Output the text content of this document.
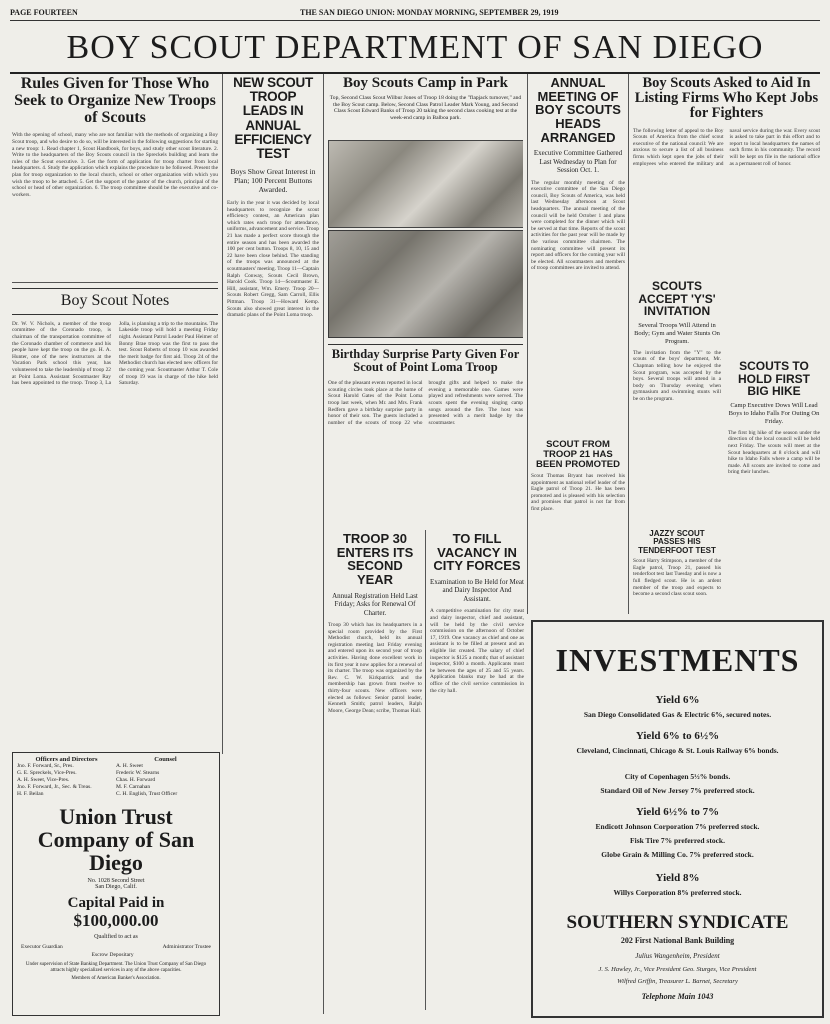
PAGE FOURTEEN	THE SAN DIEGO UNION: MONDAY MORNING, SEPTEMBER 29, 1919
BOY SCOUT DEPARTMENT OF SAN DIEGO
Rules Given for Those Who Seek to Organize New Troops of Scouts
With the opening of school, many who are not familiar with the methods of organizing a Boy Scout troop, and who desire to do so, will be interested in the following suggestions for starting a new troop: 1. Read chapter 1, Scout Handbook, for boys, and study other scout literature. 2. Write to the headquarters of the Boy Scouts council in the Spreckels building and learn the rules of the Scout executive. 3. Get the form of application for troop charter from local headquarters. 4. Study the application which explains the procedure to be followed. Present the plan for troop organization to the local church, school or other organization with which you wish the troop to be attached. 5. Get the support of the pastor of the church, principal of the school or head of other organization. 6. The troop committee should be the executive and co-workers.
Boy Scout Notes
Dr. W. V. Nichols, a member of the troop committee of the Coronado troop, is chairman of the transportation committee of the Coronado chamber of commerce and his people have kept the troop on the go. H. A. Hunter, one of the new instructors at the Vacation Park school this year, has volunteered to take the leadership of troop 22 at Point Loma. Assistant Scoutmaster Ray has been appointed to the troop. Troop 3, La Jolla, is planning a trip to the mountains. The Lakeside troop will hold a meeting Friday night. Assistant Patrol Leader Paul Heimer of Bonny Brae troop was the first to pass the test. Scout Roberts of troop 10 was awarded the merit badge for first aid. Troop 24 of the Methodist church has elected new officers for the coming year. Scoutmaster Arthur T. Cole of troop 19 was in charge of the hike held Saturday.
Officers and Directors
Jno. F. Forward, Sr., Pres.
G. E. Spreckels, Vice-Pres.
A. H. Sweet, Vice-Pres.
Jno. F. Forward, Jr., Sec. & Treas.
H. F. Beilan
Counsel
A. H. Sweet
Frederic W. Stearns
Chas. H. Forward
M. F. Carnahan
C. H. English, Trust Officer
Union Trust Company of San Diego
No. 1028 Second Street
San Diego, Calif.
Capital Paid in
$100,000.00
Qualified to act as
Executor Guardian
Escrow Depositary
Administrator Trustee
Under supervision of State Banking Department. The Union Trust Company of San Diego attracts highly specialized services in any of the above capacities.
Members of American Banker's Association.
NEW SCOUT TROOP LEADS IN ANNUAL EFFICIENCY TEST
Boys Show Great Interest in Plan; 100 Percent Buttons Awarded.
Early in the year it was decided by local headquarters to recognize the scout efficiency contest, an American plan which rates each troop for attendance, uniforms, advancement and service. Troop 21 has made a perfect score through the entire season and has been awarded the 100 per cent button. Troops 8, 10, 15 and 22 have been close behind. The standing of the troops was announced at the scoutmasters' meeting. Troop 11—Captain Ralph Conway, Scouts Cecil Brown, Harold Cook. Troop 14—Scoutmaster E. Hill, assistant, Wm. Emery. Troop 20—Scouts Robert Gregg, Sam Carroll, Ellis Pittman. Troop 31—Howard Kemp. Scouts also showed great interest in the dramatic plans of the Point Loma troop.
Boy Scouts Camp in Park
Top, Second Class Scout Wilbur Jones of Troop 18 doing the "flapjack turnover," and the Boy Scout camp. Below, Second Class Patrol Leader Mark Young, and Second Class Scout Edward Banks of Troop 20 taking the second class cooking test at the week-end camp in Balboa park.
Birthday Surprise Party Given For Scout of Point Loma Troop
One of the pleasant events reported in local scouting circles took place at the home of Scout Harold Gates of the Point Loma troop last week, when Mr. and Mrs. Frank Redfern gave a birthday surprise party in honor of their son. The guests included a number of the scouts of troop 22 who brought gifts and helped to make the evening a memorable one. Games were played and refreshments were served. The scouts spent the evening singing camp songs around the fire. The host was presented with a merit badge by the scoutmaster.
TROOP 30 ENTERS ITS SECOND YEAR
Annual Registration Held Last Friday; Asks for Renewal Of Charter.
Troop 30 which has its headquarters in a special room provided by the First Methodist church, held its annual registration meeting last Friday evening and entered upon its second year of troop activities. Having done excellent work in its first year it now applies for a renewal of its charter. The troop was organized by the Rev. C. W. Kirkpatrick and the membership has grown from twelve to thirty-four scouts. New officers were elected as follows: Senior patrol leader, Kenneth Smith; patrol leaders, Ralph Moore, George Dean; scribe, Thomas Hall.
TO FILL VACANCY IN CITY FORCES
Examination to Be Held for Meat and Dairy Inspector And Assistant.
A competitive examination for city meat and dairy inspector, chief and assistant, will be held by the civil service commission on the afternoon of October 17, 1919. One vacancy as chief and one as assistant is to be filled at present and an eligible list created. The salary of chief inspector is $125 a month; that of assistant inspector, $100 a month. Applicants must be between the ages of 25 and 55 years. Application blanks may be had at the office of the civil service commission in the city hall.
ANNUAL MEETING OF BOY SCOUTS HEADS ARRANGED
Executive Committee Gathered Last Wednesday to Plan for Session Oct. 1.
The regular monthly meeting of the executive committee of the San Diego council, Boy Scouts of America, was held last Wednesday afternoon at Scout headquarters. The annual meeting of the council will be held October 1 and plans were completed for the dinner which will be served at that time. Reports of the scout activities for the past year will be made by the various committee chairmen. The nominating committee will present its report and officers for the coming year will be elected. All scoutmasters and members of troop committees are invited to attend.
SCOUT FROM TROOP 21 HAS BEEN PROMOTED
Scout Thomas Bryant has received his appointment as national relief leader of the Eagle patrol of Troop 21. He has been promoted and is pleased with his selection and promises that patrol is not far from first place.
SCOUTS ACCEPT 'Y'S' INVITATION
Several Troops Will Attend in Body; Gym and Water Stunts On Program.
The invitation from the "Y" to the scouts of the boys' department, Mr. Chapman telling how he enjoyed the Scout program, was accepted by the boys. Several troops will attend in a body on Thursday evening when gymnasium and swimming stunts will be on the program.
JAZZY SCOUT PASSES HIS TENDERFOOT TEST
Scout Harry Stimpson, a member of the Eagle patrol, Troop 21, passed his tenderfoot test last Tuesday and is now a full fledged scout. He is an ardent member of the troop and expects to become a second class scout soon.
Boy Scouts Asked to Aid In Listing Firms Who Kept Jobs for Fighters
The following letter of appeal to the Boy Scouts of America from the chief scout executive of the national council: We are anxious to secure a list of all business firms which kept open the jobs of their employees who entered the military and naval service during the war. Every scout is asked to take part in this effort and to report to local headquarters the names of such firms in his community. The record will be kept on file in the national office as a permanent roll of honor.
SCOUTS TO HOLD FIRST BIG HIKE
Camp Executive Dows Will Lead Boys to Idaho Falls For Outing On Friday.
The first big hike of the season under the direction of the local council will be held next Friday. The scouts will meet at the Scout headquarters at 8 o'clock and will hike to Idaho Falls where a camp will be made. All scouts are invited to come and bring their lunches.
INVESTMENTS
Yield 6%
San Diego Consolidated Gas & Electric 6%, secured notes.
Yield 6% to 6½%
Cleveland, Cincinnati, Chicago & St. Louis Railway 6% bonds.
City of Copenhagen 5½% bonds.
Standard Oil of New Jersey 7% preferred stock.
Yield 6½% to 7%
Endicott Johnson Corporation 7% preferred stock.
Fisk Tire 7% preferred stock.
Globe Grain & Milling Co. 7% preferred stock.
Yield 8%
Willys Corporation 8% preferred stock.
SOUTHERN SYNDICATE
202 First National Bank Building
Julius Wangenheim, President
J. S. Hawley, Jr., Vice President Geo. Sturges, Vice President
Wilfred Griffin, Treasurer L. Barnet, Secretary
Telephone Main 1043
